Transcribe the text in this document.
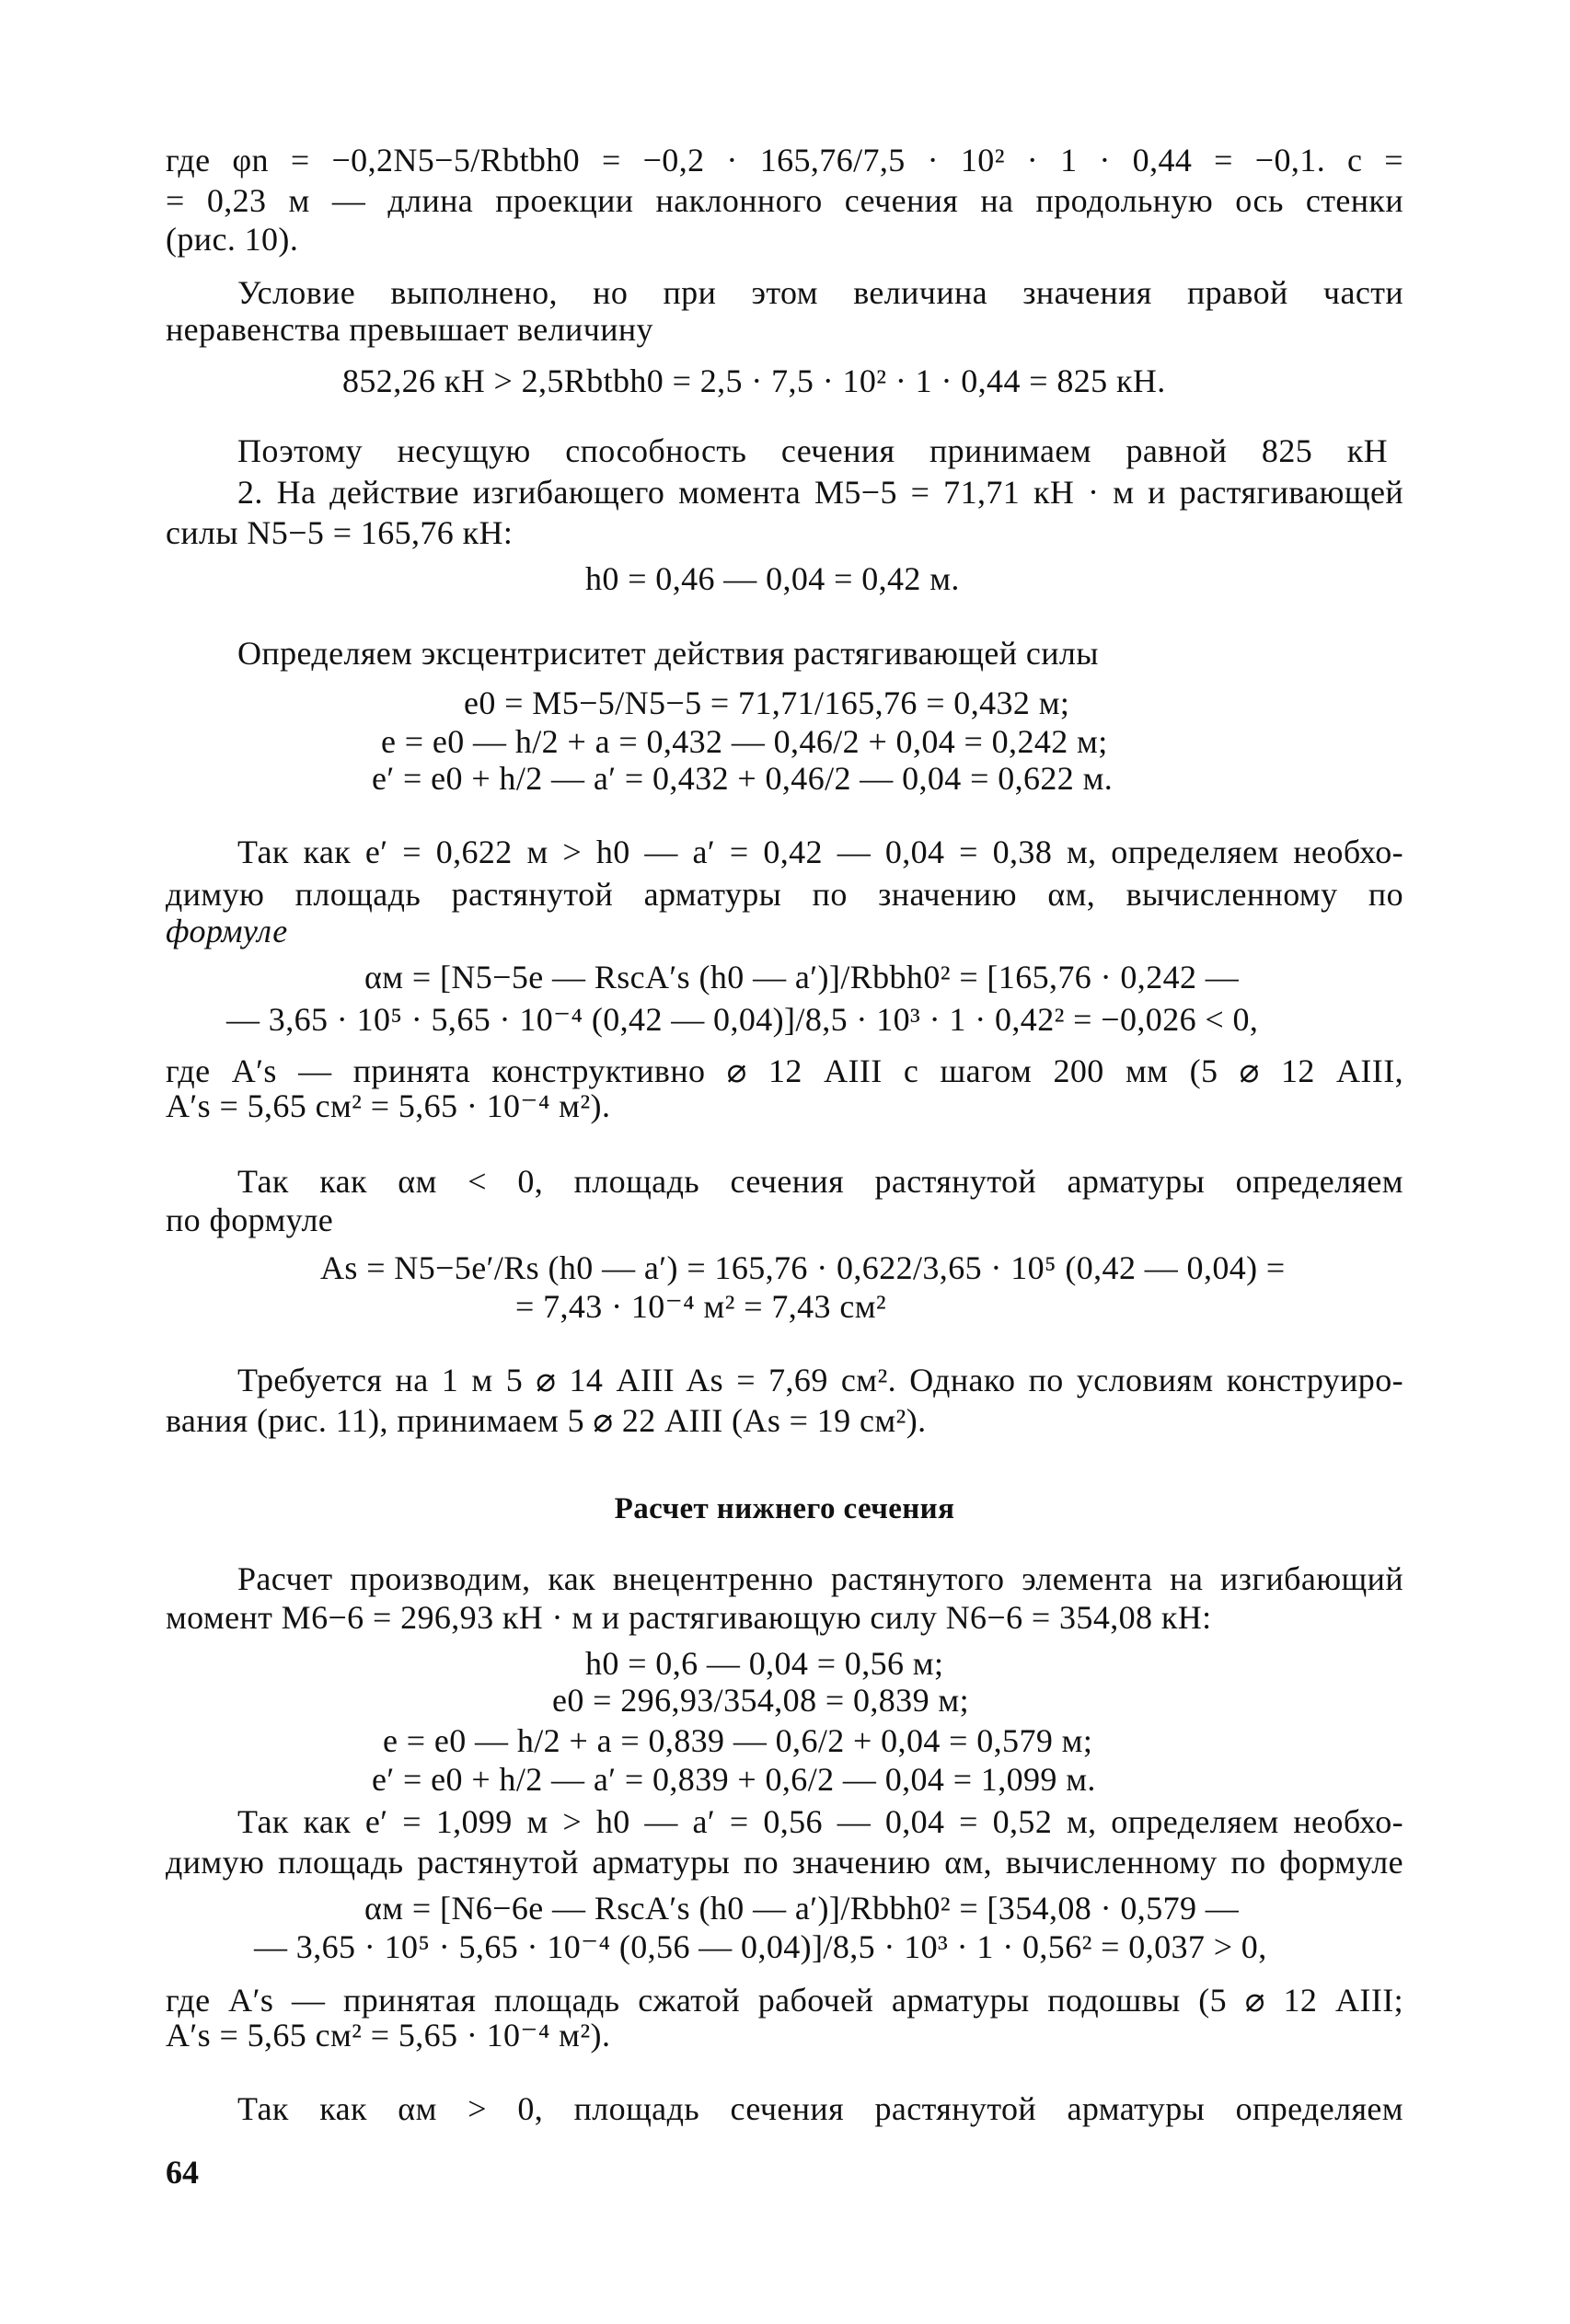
где φn = −0,2N5−5/Rbtbh0 = −0,2 · 165,76/7,5 · 10² · 1 · 0,44 = −0,1. c =
= 0,23 м — длина проекции наклонного сечения на продольную ось стенки
(рис. 10).
Условие выполнено, но при этом величина значения правой части
неравенства превышает величину
852,26 кН > 2,5Rbtbh0 = 2,5 · 7,5 · 10² · 1 · 0,44 = 825 кН.
Поэтому несущую способность сечения принимаем равной 825 кН
2. На действие изгибающего момента M5−5 = 71,71 кН · м и растягивающей
силы N5−5 = 165,76 кН:
h0 = 0,46 — 0,04 = 0,42 м.
Определяем эксцентриситет действия растягивающей силы
e0 = M5−5/N5−5 = 71,71/165,76 = 0,432 м;
e = e0 — h/2 + a = 0,432 — 0,46/2 + 0,04 = 0,242 м;
e′ = e0 + h/2 — a′ = 0,432 + 0,46/2 — 0,04 = 0,622 м.
Так как e′ = 0,622 м > h0 — a′ = 0,42 — 0,04 = 0,38 м, определяем необхо-
димую площадь растянутой арматуры по значению αм, вычисленному по
формуле
αм = [N5−5e — RscA′s (h0 — a′)]/Rbbh0² = [165,76 · 0,242 —
— 3,65 · 10⁵ · 5,65 · 10⁻⁴ (0,42 — 0,04)]/8,5 · 10³ · 1 · 0,42² = −0,026 < 0,
где A′s — принята конструктивно ⌀ 12 AIII с шагом 200 мм (5 ⌀ 12 AIII,
A′s = 5,65 см² = 5,65 · 10⁻⁴ м²).
Так как αм < 0, площадь сечения растянутой арматуры определяем
по формуле
As = N5−5e′/Rs (h0 — a′) = 165,76 · 0,622/3,65 · 10⁵ (0,42 — 0,04) =
= 7,43 · 10⁻⁴ м² = 7,43 см²
Требуется на 1 м 5 ⌀ 14 AIII As = 7,69 см². Однако по условиям конструиро-
вания (рис. 11), принимаем 5 ⌀ 22 AIII (As = 19 см²).
Расчет нижнего сечения
Расчет производим, как внецентренно растянутого элемента на изгибающий
момент M6−6 = 296,93 кН · м и растягивающую силу N6−6 = 354,08 кН:
h0 = 0,6 — 0,04 = 0,56 м;
e0 = 296,93/354,08 = 0,839 м;
e = e0 — h/2 + a = 0,839 — 0,6/2 + 0,04 = 0,579 м;
e′ = e0 + h/2 — a′ = 0,839 + 0,6/2 — 0,04 = 1,099 м.
Так как e′ = 1,099 м > h0 — a′ = 0,56 — 0,04 = 0,52 м, определяем необхо-
димую площадь растянутой арматуры по значению αм, вычисленному по формуле
αм = [N6−6e — RscA′s (h0 — a′)]/Rbbh0² = [354,08 · 0,579 —
— 3,65 · 10⁵ · 5,65 · 10⁻⁴ (0,56 — 0,04)]/8,5 · 10³ · 1 · 0,56² = 0,037 > 0,
где A′s — принятая площадь сжатой рабочей арматуры подошвы (5 ⌀ 12 AIII;
A′s = 5,65 см² = 5,65 · 10⁻⁴ м²).
Так как αм > 0, площадь сечения растянутой арматуры определяем
64
